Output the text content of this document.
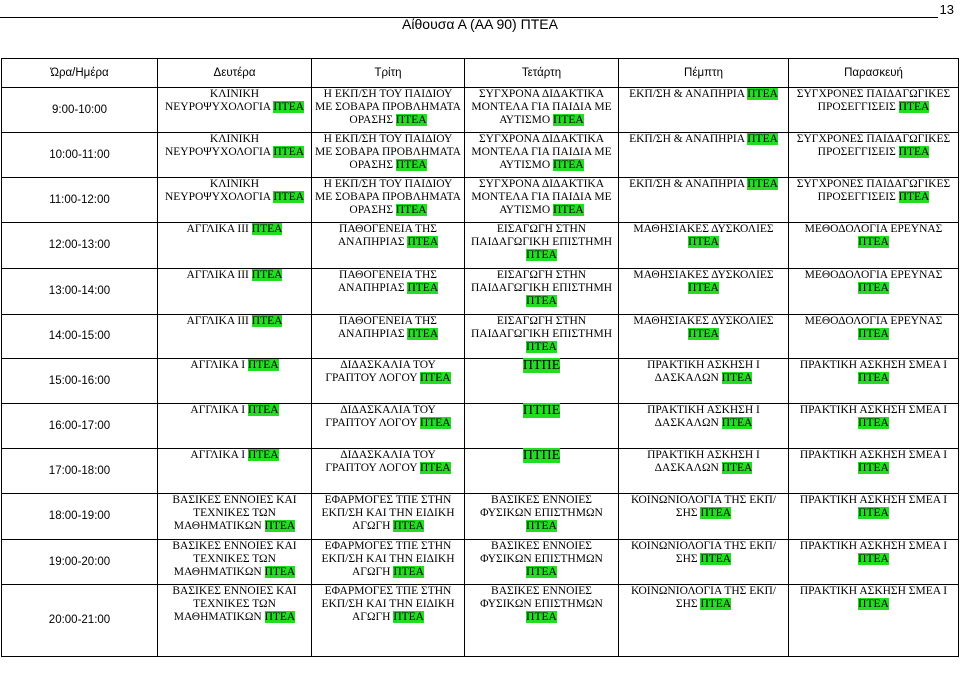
13
Αίθουσα Α (ΑΑ 90) ΠΤΕΑ
Ώρα/Ημέρα	Δευτέρα	Τρίτη	Τετάρτη	Πέμπτη	Παρασκευή
9:00-10:00	ΚΛΙΝΙΚΗ ΝΕΥΡΟΨΥΧΟΛΟΓΙΑ ΠΤΕΑ	Η ΕΚΠ/ΣΗ ΤΟΥ ΠΑΙΔΙΟΥ ΜΕ ΣΟΒΑΡΑ ΠΡΟΒΛΗΜΑΤΑ ΟΡΑΣΗΣ ΠΤΕΑ	ΣΥΓΧΡΟΝΑ ΔΙΔΑΚΤΙΚΑ ΜΟΝΤΕΛΑ ΓΙΑ ΠΑΙΔΙΑ ΜΕ ΑΥΤΙΣΜΟ ΠΤΕΑ	ΕΚΠ/ΣΗ & ΑΝΑΠΗΡΙΑ ΠΤΕΑ	ΣΥΓΧΡΟΝΕΣ ΠΑΙΔΑΓΩΓΙΚΕΣ ΠΡΟΣΕΓΓΙΣΕΙΣ ΠΤΕΑ
10:00-11:00	ΚΛΙΝΙΚΗ ΝΕΥΡΟΨΥΧΟΛΟΓΙΑ ΠΤΕΑ	Η ΕΚΠ/ΣΗ ΤΟΥ ΠΑΙΔΙΟΥ ΜΕ ΣΟΒΑΡΑ ΠΡΟΒΛΗΜΑΤΑ ΟΡΑΣΗΣ ΠΤΕΑ	ΣΥΓΧΡΟΝΑ ΔΙΔΑΚΤΙΚΑ ΜΟΝΤΕΛΑ ΓΙΑ ΠΑΙΔΙΑ ΜΕ ΑΥΤΙΣΜΟ ΠΤΕΑ	ΕΚΠ/ΣΗ & ΑΝΑΠΗΡΙΑ ΠΤΕΑ	ΣΥΓΧΡΟΝΕΣ ΠΑΙΔΑΓΩΓΙΚΕΣ ΠΡΟΣΕΓΓΙΣΕΙΣ ΠΤΕΑ
11:00-12:00	ΚΛΙΝΙΚΗ ΝΕΥΡΟΨΥΧΟΛΟΓΙΑ ΠΤΕΑ	Η ΕΚΠ/ΣΗ ΤΟΥ ΠΑΙΔΙΟΥ ΜΕ ΣΟΒΑΡΑ ΠΡΟΒΛΗΜΑΤΑ ΟΡΑΣΗΣ ΠΤΕΑ	ΣΥΓΧΡΟΝΑ ΔΙΔΑΚΤΙΚΑ ΜΟΝΤΕΛΑ ΓΙΑ ΠΑΙΔΙΑ ΜΕ ΑΥΤΙΣΜΟ ΠΤΕΑ	ΕΚΠ/ΣΗ & ΑΝΑΠΗΡΙΑ ΠΤΕΑ	ΣΥΓΧΡΟΝΕΣ ΠΑΙΔΑΓΩΓΙΚΕΣ ΠΡΟΣΕΓΓΙΣΕΙΣ ΠΤΕΑ
12:00-13:00	ΑΓΓΛΙΚΑ ΙΙΙ ΠΤΕΑ	ΠΑΘΟΓΕΝΕΙΑ ΤΗΣ ΑΝΑΠΗΡΙΑΣ ΠΤΕΑ	ΕΙΣΑΓΩΓΗ ΣΤΗΝ ΠΑΙΔΑΓΩΓΙΚΗ ΕΠΙΣΤΗΜΗ ΠΤΕΑ	ΜΑΘΗΣΙΑΚΕΣ ΔΥΣΚΟΛΙΕΣ ΠΤΕΑ	ΜΕΘΟΔΟΛΟΓΙΑ ΕΡΕΥΝΑΣ ΠΤΕΑ
13:00-14:00	ΑΓΓΛΙΚΑ ΙΙΙ ΠΤΕΑ	ΠΑΘΟΓΕΝΕΙΑ ΤΗΣ ΑΝΑΠΗΡΙΑΣ ΠΤΕΑ	ΕΙΣΑΓΩΓΗ ΣΤΗΝ ΠΑΙΔΑΓΩΓΙΚΗ ΕΠΙΣΤΗΜΗ ΠΤΕΑ	ΜΑΘΗΣΙΑΚΕΣ ΔΥΣΚΟΛΙΕΣ ΠΤΕΑ	ΜΕΘΟΔΟΛΟΓΙΑ ΕΡΕΥΝΑΣ ΠΤΕΑ
14:00-15:00	ΑΓΓΛΙΚΑ ΙΙΙ ΠΤΕΑ	ΠΑΘΟΓΕΝΕΙΑ ΤΗΣ ΑΝΑΠΗΡΙΑΣ ΠΤΕΑ	ΕΙΣΑΓΩΓΗ ΣΤΗΝ ΠΑΙΔΑΓΩΓΙΚΗ ΕΠΙΣΤΗΜΗ ΠΤΕΑ	ΜΑΘΗΣΙΑΚΕΣ ΔΥΣΚΟΛΙΕΣ ΠΤΕΑ	ΜΕΘΟΔΟΛΟΓΙΑ ΕΡΕΥΝΑΣ ΠΤΕΑ
15:00-16:00	ΑΓΓΛΙΚΑ Ι ΠΤΕΑ	ΔΙΔΑΣΚΑΛΙΑ ΤΟΥ ΓΡΑΠΤΟΥ ΛΟΓΟΥ ΠΤΕΑ	ΠΤΠΕ	ΠΡΑΚΤΙΚΗ ΑΣΚΗΣΗ Ι ΔΑΣΚΑΛΩΝ ΠΤΕΑ	ΠΡΑΚΤΙΚΗ ΑΣΚΗΣΗ ΣΜΕΑ Ι ΠΤΕΑ
16:00-17:00	ΑΓΓΛΙΚΑ Ι ΠΤΕΑ	ΔΙΔΑΣΚΑΛΙΑ ΤΟΥ ΓΡΑΠΤΟΥ ΛΟΓΟΥ ΠΤΕΑ	ΠΤΠΕ	ΠΡΑΚΤΙΚΗ ΑΣΚΗΣΗ Ι ΔΑΣΚΑΛΩΝ ΠΤΕΑ	ΠΡΑΚΤΙΚΗ ΑΣΚΗΣΗ ΣΜΕΑ Ι ΠΤΕΑ
17:00-18:00	ΑΓΓΛΙΚΑ Ι ΠΤΕΑ	ΔΙΔΑΣΚΑΛΙΑ ΤΟΥ ΓΡΑΠΤΟΥ ΛΟΓΟΥ ΠΤΕΑ	ΠΤΠΕ	ΠΡΑΚΤΙΚΗ ΑΣΚΗΣΗ Ι ΔΑΣΚΑΛΩΝ ΠΤΕΑ	ΠΡΑΚΤΙΚΗ ΑΣΚΗΣΗ ΣΜΕΑ Ι ΠΤΕΑ
18:00-19:00	ΒΑΣΙΚΕΣ ΕΝΝΟΙΕΣ ΚΑΙ ΤΕΧΝΙΚΕΣ ΤΩΝ ΜΑΘΗΜΑΤΙΚΩΝ ΠΤΕΑ	ΕΦΑΡΜΟΓΕΣ ΤΠΕ ΣΤΗΝ ΕΚΠ/ΣΗ ΚΑΙ ΤΗΝ ΕΙΔΙΚΗ ΑΓΩΓΗ ΠΤΕΑ	ΒΑΣΙΚΕΣ ΕΝΝΟΙΕΣ ΦΥΣΙΚΩΝ ΕΠΙΣΤΗΜΩΝ ΠΤΕΑ	ΚΟΙΝΩΝΙΟΛΟΓΙΑ ΤΗΣ ΕΚΠ/ΣΗΣ ΠΤΕΑ	ΠΡΑΚΤΙΚΗ ΑΣΚΗΣΗ ΣΜΕΑ Ι ΠΤΕΑ
19:00-20:00	ΒΑΣΙΚΕΣ ΕΝΝΟΙΕΣ ΚΑΙ ΤΕΧΝΙΚΕΣ ΤΩΝ ΜΑΘΗΜΑΤΙΚΩΝ ΠΤΕΑ	ΕΦΑΡΜΟΓΕΣ ΤΠΕ ΣΤΗΝ ΕΚΠ/ΣΗ ΚΑΙ ΤΗΝ ΕΙΔΙΚΗ ΑΓΩΓΗ ΠΤΕΑ	ΒΑΣΙΚΕΣ ΕΝΝΟΙΕΣ ΦΥΣΙΚΩΝ ΕΠΙΣΤΗΜΩΝ ΠΤΕΑ	ΚΟΙΝΩΝΙΟΛΟΓΙΑ ΤΗΣ ΕΚΠ/ΣΗΣ ΠΤΕΑ	ΠΡΑΚΤΙΚΗ ΑΣΚΗΣΗ ΣΜΕΑ Ι ΠΤΕΑ
20:00-21:00	ΒΑΣΙΚΕΣ ΕΝΝΟΙΕΣ ΚΑΙ ΤΕΧΝΙΚΕΣ ΤΩΝ ΜΑΘΗΜΑΤΙΚΩΝ ΠΤΕΑ	ΕΦΑΡΜΟΓΕΣ ΤΠΕ ΣΤΗΝ ΕΚΠ/ΣΗ ΚΑΙ ΤΗΝ ΕΙΔΙΚΗ ΑΓΩΓΗ ΠΤΕΑ	ΒΑΣΙΚΕΣ ΕΝΝΟΙΕΣ ΦΥΣΙΚΩΝ ΕΠΙΣΤΗΜΩΝ ΠΤΕΑ	ΚΟΙΝΩΝΙΟΛΟΓΙΑ ΤΗΣ ΕΚΠ/ΣΗΣ ΠΤΕΑ	ΠΡΑΚΤΙΚΗ ΑΣΚΗΣΗ ΣΜΕΑ Ι ΠΤΕΑ
